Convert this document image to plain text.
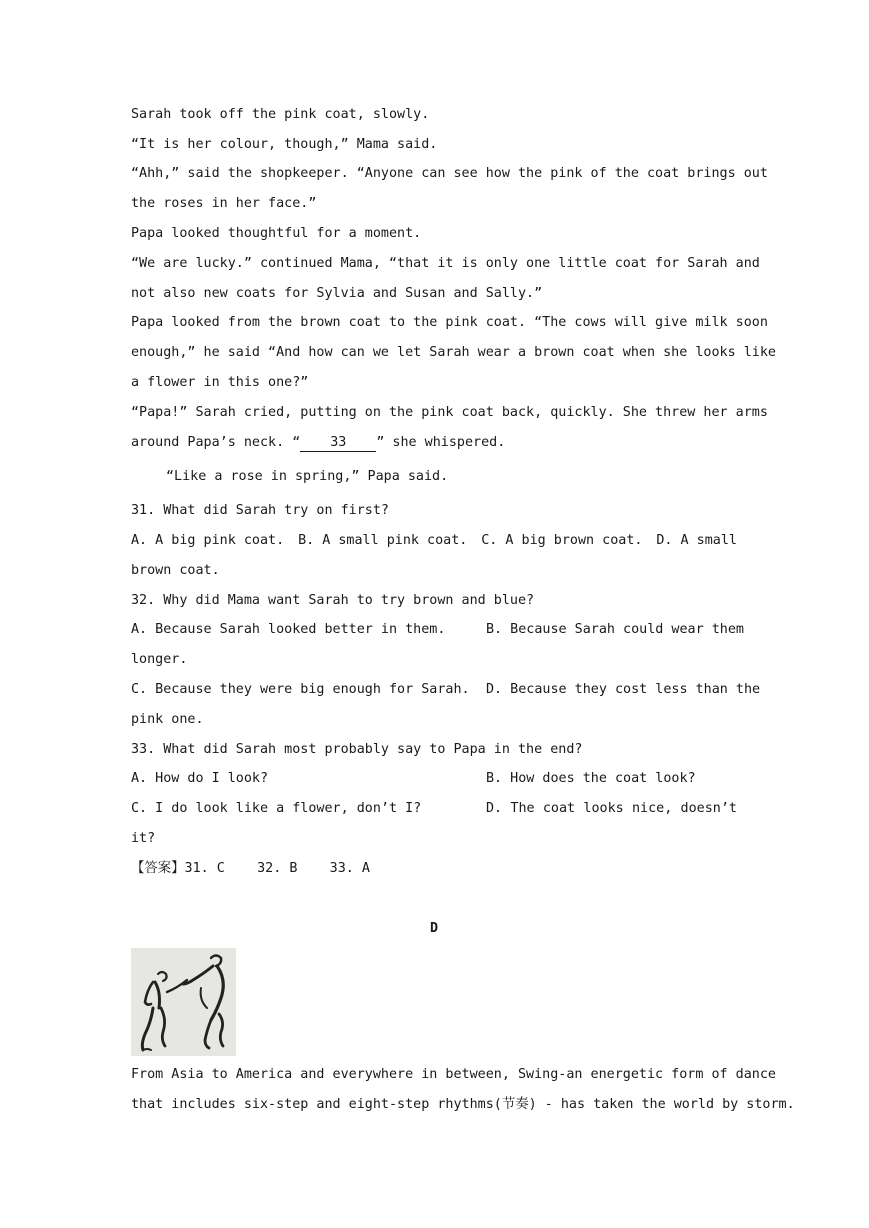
Sarah took off the pink coat, slowly.
“It is her colour, though,” Mama said.
“Ahh,” said the shopkeeper. “Anyone can see how the pink of the coat brings out
the roses in her face.”
Papa looked thoughtful for a moment.
“We are lucky.” continued Mama, “that it is only one little coat for Sarah and
not also new coats for Sylvia and Susan and Sally.”
Papa looked from the brown coat to the pink coat. “The cows will give milk soon
enough,” he said “And how can we let Sarah wear a brown coat when she looks like
a flower in this one?”
“Papa!” Sarah cried, putting on the pink coat back, quickly. She threw her arms
around Papa’s neck. “ 33 ” she whispered.
“Like a rose in spring,” Papa said.
31. What did Sarah try on first?
A. A big pink coat. B. A small pink coat. C. A big brown coat. D. A small
brown coat.
32. Why did Mama want Sarah to try brown and blue?
A. Because Sarah looked better in them.	B. Because Sarah could wear them
longer.
C. Because they were big enough for Sarah. D. Because they cost less than the
pink one.
33. What did Sarah most probably say to Papa in the end?
A. How do I look?	B. How does the coat look?
C. I do look like a flower, don’t I?	D. The coat looks nice, doesn’t
it?
【答案】31. C    32. B    33. A
D
From Asia to America and everywhere in between, Swing-an energetic form of dance
that includes six-step and eight-step rhythms(节奏) - has taken the world by storm.
